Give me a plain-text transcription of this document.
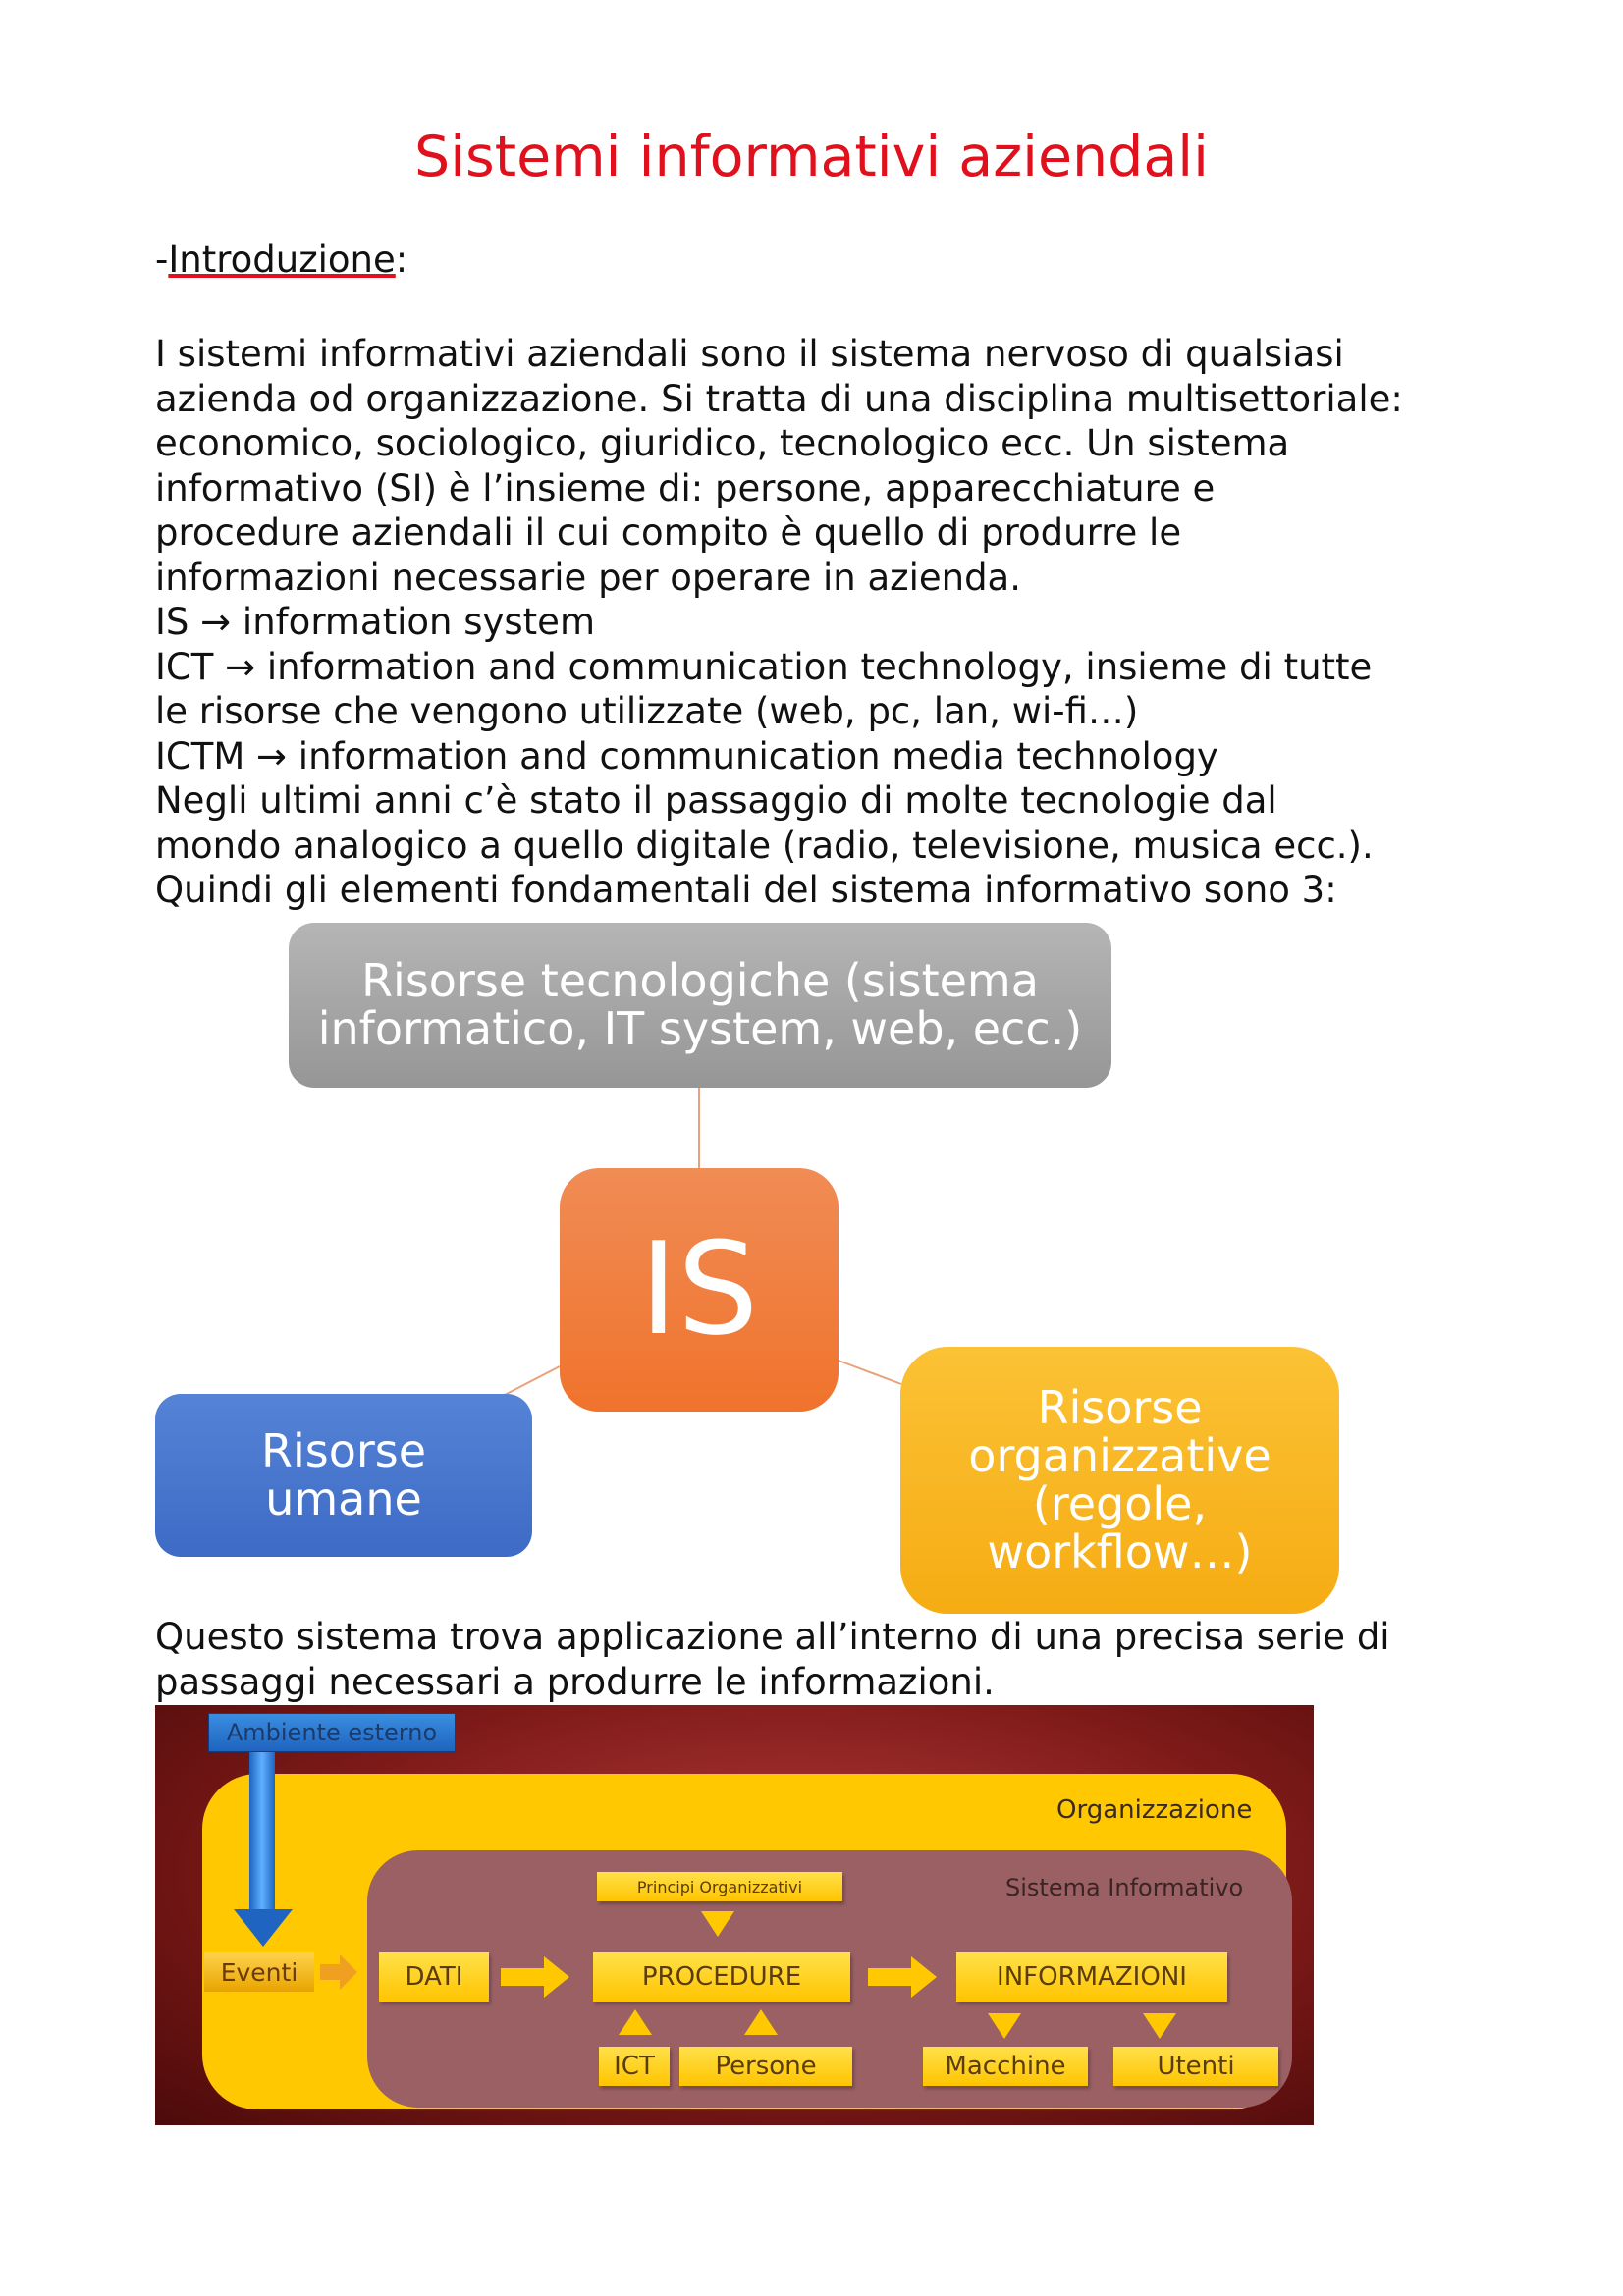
Sistemi informativi aziendali
-Introduzione:
I sistemi informativi aziendali sono il sistema nervoso di qualsiasi
azienda od organizzazione. Si tratta di una disciplina multisettoriale:
economico, sociologico, giuridico, tecnologico ecc. Un sistema
informativo (SI) è l’insieme di: persone, apparecchiature e
procedure aziendali il cui compito è quello di produrre le
informazioni necessarie per operare in azienda.
IS → information system
ICT → information and communication technology, insieme di tutte
le risorse che vengono utilizzate (web, pc, lan, wi-fi…)
ICTM → information and communication media technology
Negli ultimi anni c’è stato il passaggio di molte tecnologie dal
mondo analogico a quello digitale (radio, televisione, musica ecc.).
Quindi gli elementi fondamentali del sistema informativo sono 3:
Risorse tecnologiche (sistema informatico, IT system, web, ecc.)
IS
Risorse umane
Risorse organizzative (regole, workflow…)
Questo sistema trova applicazione all’interno di una precisa serie di
passaggi necessari a produrre le informazioni.
Organizzazione
Sistema Informativo
Ambiente esterno
Eventi
Principi Organizzativi
DATI	PROCEDURE	INFORMAZIONI
ICT	Persone	Macchine	Utenti
